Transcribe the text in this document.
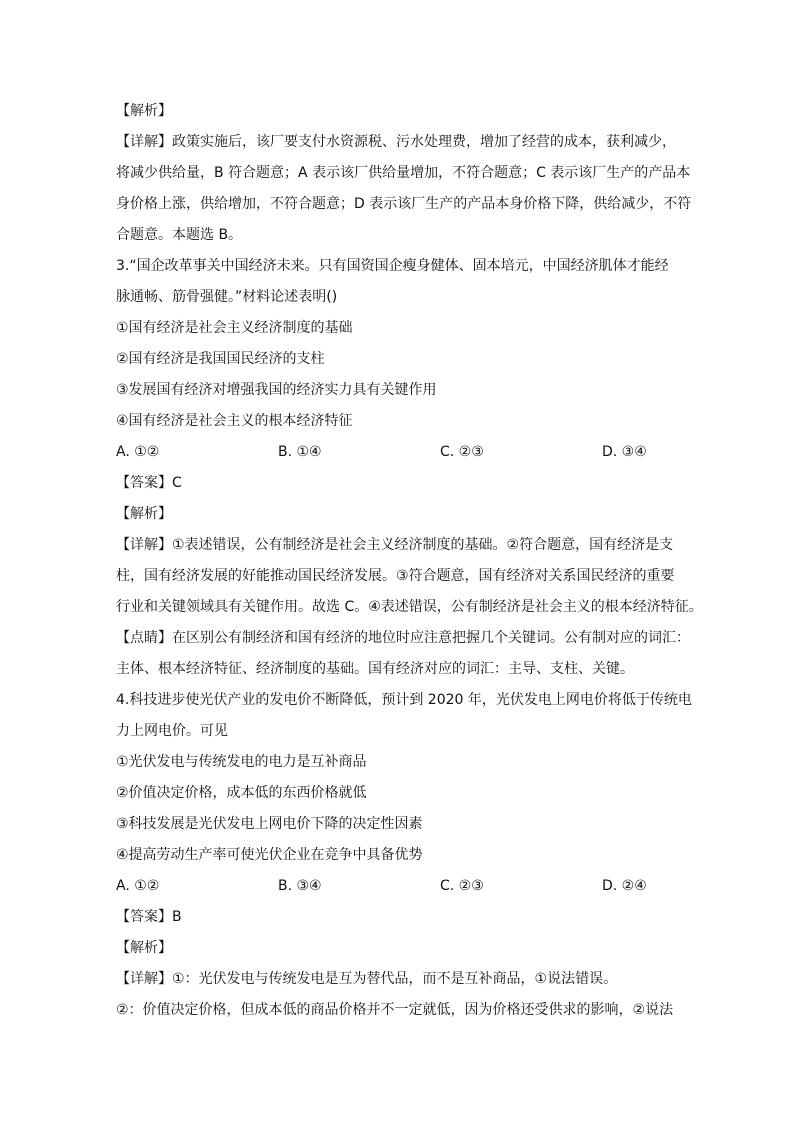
【解析】
【详解】政策实施后，该厂要支付水资源税、污水处理费，增加了经营的成本，获利减少，
将减少供给量，B 符合题意；A 表示该厂供给量增加，不符合题意；C 表示该厂生产的产品本
身价格上涨，供给增加，不符合题意；D 表示该厂生产的产品本身价格下降，供给减少，不符
合题意。本题选 B。
3.“国企改革事关中国经济未来。只有国资国企瘦身健体、固本培元，中国经济肌体才能经
脉通畅、筋骨强健。”材料论述表明()
①国有经济是社会主义经济制度的基础
②国有经济是我国国民经济的支柱
③发展国有经济对增强我国的经济实力具有关键作用
④国有经济是社会主义的根本经济特征
A. ①②	B. ①④	C. ②③	D. ③④
【答案】C
【解析】
【详解】①表述错误，公有制经济是社会主义经济制度的基础。②符合题意，国有经济是支
柱，国有经济发展的好能推动国民经济发展。③符合题意，国有经济对关系国民经济的重要
行业和关键领域具有关键作用。故选 C。④表述错误，公有制经济是社会主义的根本经济特征。
【点睛】在区别公有制经济和国有经济的地位时应注意把握几个关键词。公有制对应的词汇：
主体、根本经济特征、经济制度的基础。国有经济对应的词汇：主导、支柱、关键。
4.科技进步使光伏产业的发电价不断降低，预计到 2020 年，光伏发电上网电价将低于传统电
力上网电价。可见
①光伏发电与传统发电的电力是互补商品
②价值决定价格，成本低的东西价格就低
③科技发展是光伏发电上网电价下降的决定性因素
④提高劳动生产率可使光伏企业在竞争中具备优势
A. ①②	B. ③④	C. ②③	D. ②④
【答案】B
【解析】
【详解】①：光伏发电与传统发电是互为替代品，而不是互补商品，①说法错误。
②：价值决定价格，但成本低的商品价格并不一定就低，因为价格还受供求的影响，②说法
